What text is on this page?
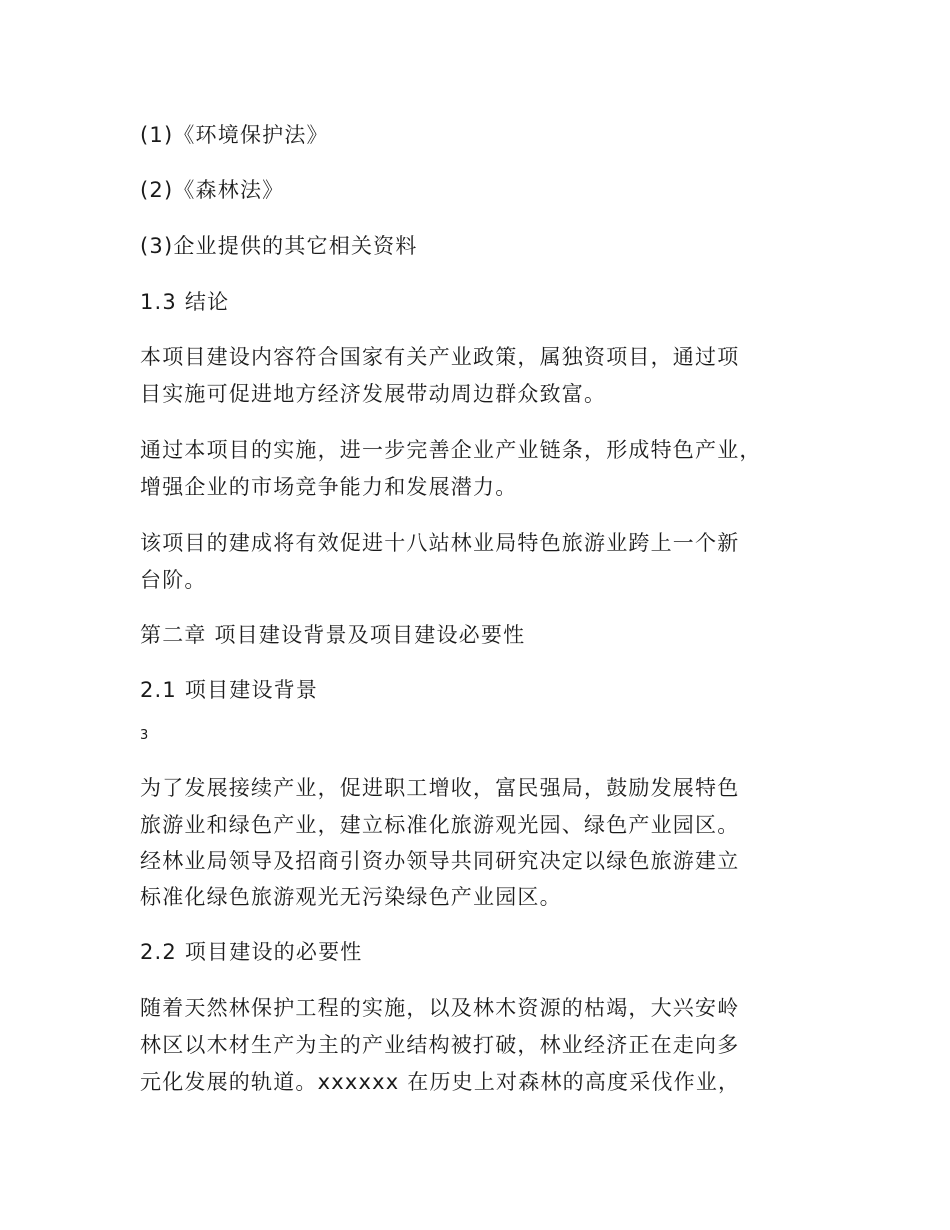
(1)《环境保护法》
(2)《森林法》
(3)企业提供的其它相关资料
1.3 结论
本项目建设内容符合国家有关产业政策，属独资项目，通过项
目实施可促进地方经济发展带动周边群众致富。
通过本项目的实施，进一步完善企业产业链条，形成特色产业，
增强企业的市场竞争能力和发展潜力。
该项目的建成将有效促进十八站林业局特色旅游业跨上一个新
台阶。
第二章 项目建设背景及项目建设必要性
2.1 项目建设背景
3
为了发展接续产业，促进职工增收，富民强局，鼓励发展特色
旅游业和绿色产业，建立标准化旅游观光园、绿色产业园区。
经林业局领导及招商引资办领导共同研究决定以绿色旅游建立
标准化绿色旅游观光无污染绿色产业园区。
2.2 项目建设的必要性
随着天然林保护工程的实施，以及林木资源的枯竭，大兴安岭
林区以木材生产为主的产业结构被打破，林业经济正在走向多
元化发展的轨道。xxxxxx 在历史上对森林的高度采伐作业，
